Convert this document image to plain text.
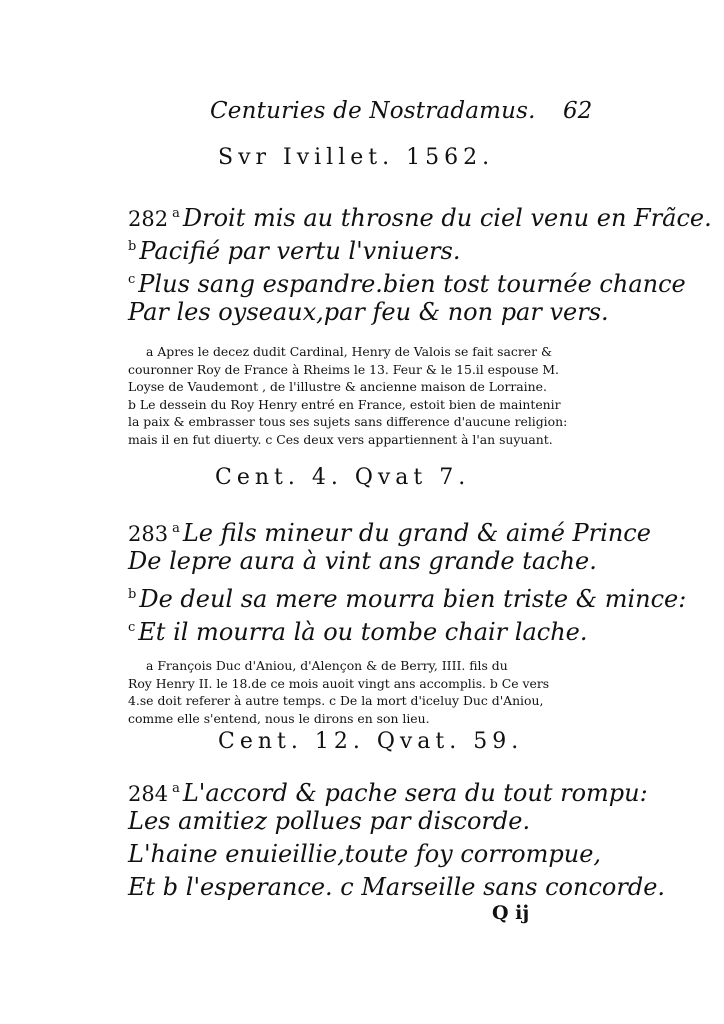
Centuries de Nostradamus. 62
Svr Ivillet. 1562.
282 $^a$ Droit mis au throsne du ciel venu en Frãce.
$^b$ Pacifié par vertu l'vniuers.
$^c$ Plus sang espandre.bien tost tournée chance
Par les oyseaux,par feu & non par vers.
a Apres le decez dudit Cardinal, Henry de Valois se fait sacrer &
couronner Roy de France à Rheims le 13. Feur & le 15.il espouse M.
Loyse de Vaudemont , de l'illustre & ancienne maison de Lorraine.
b Le dessein du Roy Henry entré en France, estoit bien de maintenir
la paix & embrasser tous ses sujets sans difference d'aucune religion:
mais il en fut diuerty. c Ces deux vers appartiennent à l'an suyuant.
Cent. 4. Qvat 7.
283 $^a$ Le fils mineur du grand & aimé Prince
De lepre aura à vint ans grande tache.
$^b$ De deul sa mere mourra bien triste & mince:
$^c$ Et il mourra là ou tombe chair lache.
a François Duc d'Aniou, d'Alençon & de Berry, IIII. fils du
Roy Henry II. le 18.de ce mois auoit vingt ans accomplis. b Ce vers
4.se doit referer à autre temps. c De la mort d'iceluy Duc d'Aniou,
comme elle s'entend, nous le dirons en son lieu.
Cent. 12. Qvat. 59.
284 $^a$ L'accord & pache sera du tout rompu:
Les amitiez pollues par discorde.
L'haine enuieillie,toute foy corrompue,
Et b l'esperance. c Marseille sans concorde.
Q ij
